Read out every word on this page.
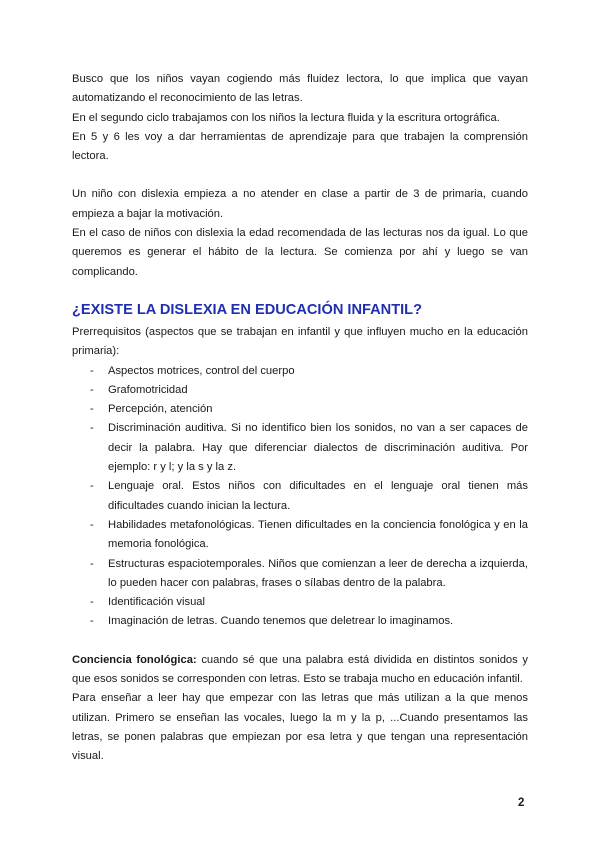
Busco que los niños vayan cogiendo más fluidez lectora, lo que implica que vayan automatizando el reconocimiento de las letras.

En el segundo ciclo trabajamos con los niños la lectura fluida y la escritura ortográfica.

En 5 y 6 les voy a dar herramientas de aprendizaje para que trabajen la comprensión lectora.

Un niño con dislexia empieza a no atender en clase a partir de 3 de primaria, cuando empieza a bajar la motivación.

En el caso de niños con dislexia la edad recomendada de las lecturas nos da igual. Lo que queremos es generar el hábito de la lectura. Se comienza por ahí y luego se van complicando.

¿EXISTE LA DISLEXIA EN EDUCACIÓN INFANTIL?

Prerrequisitos (aspectos que se trabajan en infantil y que influyen mucho en la educación primaria):

- Aspectos motrices, control del cuerpo
- Grafomotricidad
- Percepción, atención
- Discriminación auditiva. Si no identifico bien los sonidos, no van a ser capaces de decir la palabra. Hay que diferenciar dialectos de discriminación auditiva. Por ejemplo: r y l; y la s y la z.
- Lenguaje oral. Estos niños con dificultades en el lenguaje oral tienen más dificultades cuando inician la lectura.
- Habilidades metafonológicas. Tienen dificultades en la conciencia fonológica y en la memoria fonológica.
- Estructuras espaciotemporales. Niños que comienzan a leer de derecha a izquierda, lo pueden hacer con palabras, frases o sílabas dentro de la palabra.
- Identificación visual
- Imaginación de letras. Cuando tenemos que deletrear lo imaginamos.

Conciencia fonológica: cuando sé que una palabra está dividida en distintos sonidos y que esos sonidos se corresponden con letras. Esto se trabaja mucho en educación infantil.

Para enseñar a leer hay que empezar con las letras que más utilizan a la que menos utilizan. Primero se enseñan las vocales, luego la m y la p, ...Cuando presentamos las letras, se ponen palabras que empiezan por esa letra y que tengan una representación visual.

2
